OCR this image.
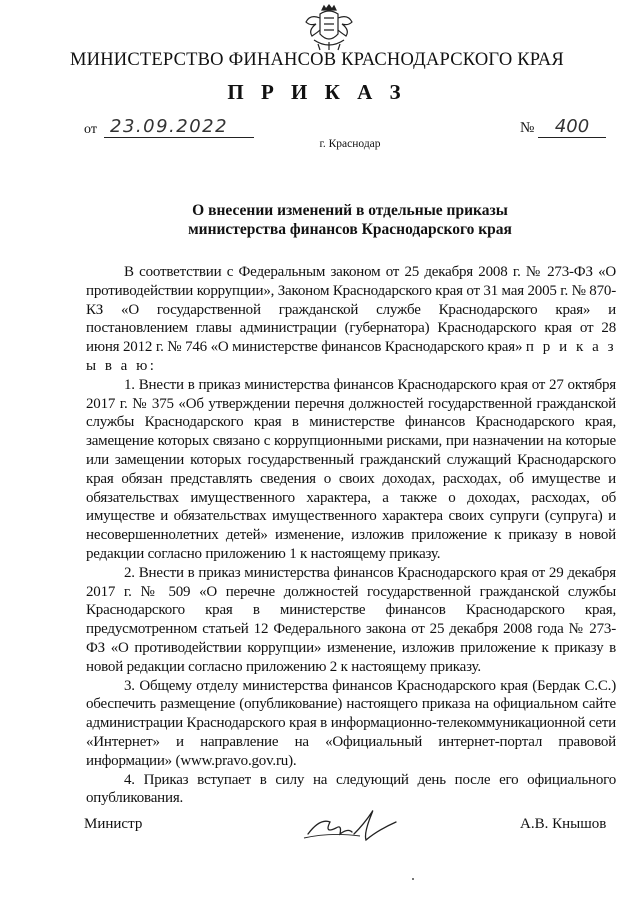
МИНИСТЕРСТВО ФИНАНСОВ КРАСНОДАРСКОГО КРАЯ
П Р И К А З
от 23.09.2022	№	400
г. Краснодар
О внесении изменений в отдельные приказы
министерства финансов Краснодарского края

В соответствии с Федеральным законом от 25 декабря 2008 г. № 273-ФЗ «О противодействии коррупции», Законом Краснодарского края от 31 мая 2005 г. № 870-КЗ «О государственной гражданской службе Краснодарского края» и постановлением главы администрации (губернатора) Краснодарского края от 28 июня 2012 г. № 746 «О министерстве финансов Краснодарского края» п р и к а з ы в а ю:

1. Внести в приказ министерства финансов Краснодарского края от 27 октября 2017 г. № 375 «Об утверждении перечня должностей государственной гражданской службы Краснодарского края в министерстве финансов Краснодарского края, замещение которых связано с коррупционными рисками, при назначении на которые или замещении которых государственный гражданский служащий Краснодарского края обязан представлять сведения о своих доходах, расходах, об имуществе и обязательствах имущественного характера, а также о доходах, расходах, об имуществе и обязательствах имущественного характера своих супруги (супруга) и несовершеннолетних детей» изменение, изложив приложение к приказу в новой редакции согласно приложению 1 к настоящему приказу.

2. Внести в приказ министерства финансов Краснодарского края от 29 декабря 2017 г. № 509 «О перечне должностей государственной гражданской службы Краснодарского края в министерстве финансов Краснодарского края, предусмотренном статьей 12 Федерального закона от 25 декабря 2008 года № 273-ФЗ «О противодействии коррупции» изменение, изложив приложение к приказу в новой редакции согласно приложению 2 к настоящему приказу.

3. Общему отделу министерства финансов Краснодарского края (Бердак С.С.) обеспечить размещение (опубликование) настоящего приказа на официальном сайте администрации Краснодарского края в информационно-телекоммуникационной сети «Интернет» и направление на «Официальный интернет-портал правовой информации» (www.pravo.gov.ru).

4. Приказ вступает в силу на следующий день после его официального опубликования.

Министр	А.В. Кнышов
